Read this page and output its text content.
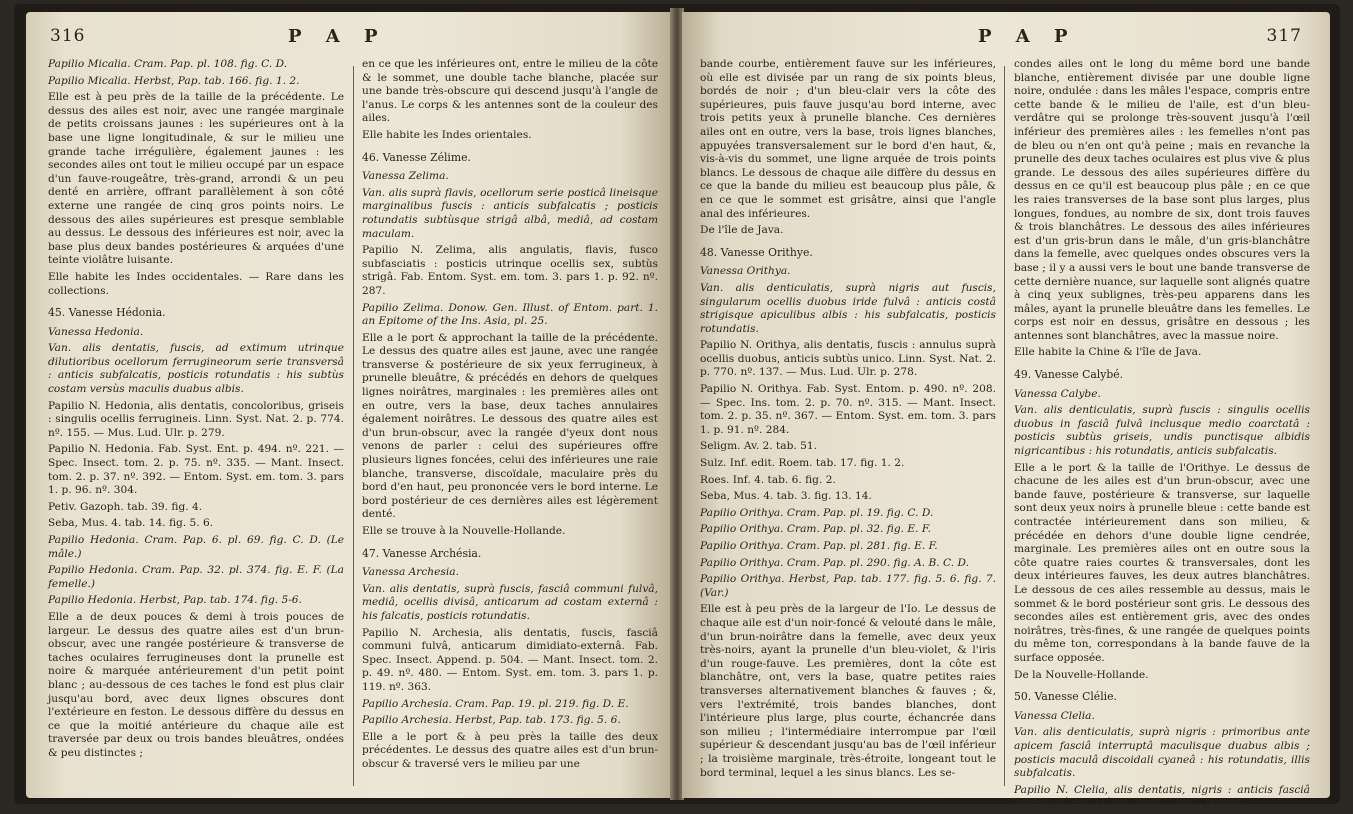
316	P A P

Papilio Micalia. Cram. Pap. pl. 108. fig. C. D.

Papilio Micalia. Herbst, Pap. tab. 166. fig. 1. 2.

Elle est à peu près de la taille de la précédente. Le dessus des ailes est noir, avec une rangée marginale de petits croissans jaunes : les supérieures ont à la base une ligne longitudinale, & sur le milieu une grande tache irrégulière, également jaunes : les secondes ailes ont tout le milieu occupé par un espace d'un fauve-rougeâtre, très-grand, arrondi & un peu denté en arrière, offrant parallèlement à son côté externe une rangée de cinq gros points noirs. Le dessous des ailes supérieures est presque semblable au dessus. Le dessous des inférieures est noir, avec la base plus deux bandes postérieures & arquées d'une teinte violâtre luisante.

Elle habite les Indes occidentales. — Rare dans les collections.

45. Vanesse Hédonia.

Vanessa Hedonia.

Van. alis dentatis, fuscis, ad extimum utrinque dilutioribus ocellorum ferrugineorum serie transversâ : anticis subfalcatis, posticis rotundatis : his subtùs costam versùs maculis duabus albis.

Papilio N. Hedonia, alis dentatis, concoloribus, griseis : singulis ocellis ferrugineis. Linn. Syst. Nat. 2. p. 774. nº. 155. — Mus. Lud. Ulr. p. 279.

Papilio N. Hedonia. Fab. Syst. Ent. p. 494. nº. 221. — Spec. Insect. tom. 2. p. 75. nº. 335. — Mant. Insect. tom. 2. p. 37. nº. 392. — Entom. Syst. em. tom. 3. pars 1. p. 96. nº. 304.

Petiv. Gazoph. tab. 39. fig. 4.

Seba, Mus. 4. tab. 14. fig. 5. 6.

Papilio Hedonia. Cram. Pap. 6. pl. 69. fig. C. D. (Le mâle.)

Papilio Hedonia. Cram. Pap. 32. pl. 374. fig. E. F. (La femelle.)

Papilio Hedonia. Herbst, Pap. tab. 174. fig. 5-6.

Elle a de deux pouces & demi à trois pouces de largeur. Le dessus des quatre ailes est d'un brun-obscur, avec une rangée postérieure & transverse de taches oculaires ferrugineuses dont la prunelle est noire & marquée antérieurement d'un petit point blanc ; au-dessous de ces taches le fond est plus clair jusqu'au bord, avec deux lignes obscures dont l'extérieure en feston. Le dessous diffère du dessus en ce que la moitié antérieure du chaque aile est traversée par deux ou trois bandes bleuâtres, ondées & peu distinctes ;

en ce que les inférieures ont, entre le milieu de la côte & le sommet, une double tache blanche, placée sur une bande très-obscure qui descend jusqu'à l'angle de l'anus. Le corps & les antennes sont de la couleur des ailes.

Elle habite les Indes orientales.

46. Vanesse Zélime.

Vanessa Zelima.

Van. alis suprà flavis, ocellorum serie posticâ lineisque marginalibus fuscis : anticis subfalcatis ; posticis rotundatis subtùsque strigâ albâ, mediâ, ad costam maculam.

Papilio N. Zelima, alis angulatis, flavis, fusco subfasciatis : posticis utrinque ocellis sex, subtùs strigâ. Fab. Entom. Syst. em. tom. 3. pars 1. p. 92. nº. 287.

Papilio Zelima. Donow. Gen. Illust. of Entom. part. 1. an Epitome of the Ins. Asia, pl. 25.

Elle a le port & approchant la taille de la précédente. Le dessus des quatre ailes est jaune, avec une rangée transverse & postérieure de six yeux ferrugineux, à prunelle bleuâtre, & précédés en dehors de quelques lignes noirâtres, marginales : les premières ailes ont en outre, vers la base, deux taches annulaires également noirâtres. Le dessous des quatre ailes est d'un brun-obscur, avec la rangée d'yeux dont nous venons de parler : celui des supérieures offre plusieurs lignes foncées, celui des inférieures une raie blanche, transverse, discoïdale, maculaire près du bord d'en haut, peu prononcée vers le bord interne. Le bord postérieur de ces dernières ailes est légèrement denté.

Elle se trouve à la Nouvelle-Hollande.

47. Vanesse Archésia.

Vanessa Archesia.

Van. alis dentatis, suprà fuscis, fasciâ communi fulvâ, mediâ, ocellis divisâ, anticarum ad costam externâ : his falcatis, posticis rotundatis.

Papilio N. Archesia, alis dentatis, fuscis, fasciâ communi fulvâ, anticarum dimidiato-externâ. Fab. Spec. Insect. Append. p. 504. — Mant. Insect. tom. 2. p. 49. nº. 480. — Entom. Syst. em. tom. 3. pars 1. p. 119. nº. 363.

Papilio Archesia. Cram. Pap. 19. pl. 219. fig. D. E.

Papilio Archesia. Herbst, Pap. tab. 173. fig. 5. 6.

Elle a le port & à peu près la taille des deux précédentes. Le dessus des quatre ailes est d'un brun-obscur & traversé vers le milieu par une

P A P	317

bande courbe, entièrement fauve sur les inférieures, où elle est divisée par un rang de six points bleus, bordés de noir ; d'un bleu-clair vers la côte des supérieures, puis fauve jusqu'au bord interne, avec trois petits yeux à prunelle blanche. Ces dernières ailes ont en outre, vers la base, trois lignes blanches, appuyées transversalement sur le bord d'en haut, &, vis-à-vis du sommet, une ligne arquée de trois points blancs. Le dessous de chaque aile diffère du dessus en ce que la bande du milieu est beaucoup plus pâle, & en ce que le sommet est grisâtre, ainsi que l'angle anal des inférieures.

De l'île de Java.

48. Vanesse Orithye.

Vanessa Orithya.

Van. alis denticulatis, suprà nigris aut fuscis, singularum ocellis duobus iride fulvâ : anticis costâ strigisque apiculibus albis : his subfalcatis, posticis rotundatis.

Papilio N. Orithya, alis dentatis, fuscis : annulus suprà ocellis duobus, anticis subtùs unico. Linn. Syst. Nat. 2. p. 770. nº. 137. — Mus. Lud. Ulr. p. 278.

Papilio N. Orithya. Fab. Syst. Entom. p. 490. nº. 208. — Spec. Ins. tom. 2. p. 70. nº. 315. — Mant. Insect. tom. 2. p. 35. nº. 367. — Entom. Syst. em. tom. 3. pars 1. p. 91. nº. 284.

Seligm. Av. 2. tab. 51.

Sulz. Inf. edit. Roem. tab. 17. fig. 1. 2.

Roes. Inf. 4. tab. 6. fig. 2.

Seba, Mus. 4. tab. 3. fig. 13. 14.

Papilio Orithya. Cram. Pap. pl. 19. fig. C. D.

Papilio Orithya. Cram. Pap. pl. 32. fig. E. F.

Papilio Orithya. Cram. Pap. pl. 281. fig. E. F.

Papilio Orithya. Cram. Pap. pl. 290. fig. A. B. C. D.

Papilio Orithya. Herbst, Pap. tab. 177. fig. 5. 6. fig. 7. (Var.)

Elle est à peu près de la largeur de l'Io. Le dessus de chaque aile est d'un noir-foncé & velouté dans le mâle, d'un brun-noirâtre dans la femelle, avec deux yeux très-noirs, ayant la prunelle d'un bleu-violet, & l'iris d'un rouge-fauve. Les premières, dont la côte est blanchâtre, ont, vers la base, quatre petites raies transverses alternativement blanches & fauves ; &, vers l'extrémité, trois bandes blanches, dont l'intérieure plus large, plus courte, échancrée dans son milieu ; l'intermédiaire interrompue par l'œil supérieur & descendant jusqu'au bas de l'œil inférieur ; la troisième marginale, très-étroite, longeant tout le bord terminal, lequel a les sinus blancs. Les se-

condes ailes ont le long du même bord une bande blanche, entièrement divisée par une double ligne noire, ondulée : dans les mâles l'espace, compris entre cette bande & le milieu de l'aile, est d'un bleu-verdâtre qui se prolonge très-souvent jusqu'à l'œil inférieur des premières ailes : les femelles n'ont pas de bleu ou n'en ont qu'à peine ; mais en revanche la prunelle des deux taches oculaires est plus vive & plus grande. Le dessous des ailes supérieures diffère du dessus en ce qu'il est beaucoup plus pâle ; en ce que les raies transverses de la base sont plus larges, plus longues, fondues, au nombre de six, dont trois fauves & trois blanchâtres. Le dessous des ailes inférieures est d'un gris-brun dans le mâle, d'un gris-blanchâtre dans la femelle, avec quelques ondes obscures vers la base ; il y a aussi vers le bout une bande transverse de cette dernière nuance, sur laquelle sont alignés quatre à cinq yeux sublignes, très-peu apparens dans les mâles, ayant la prunelle bleuâtre dans les femelles. Le corps est noir en dessus, grisâtre en dessous ; les antennes sont blanchâtres, avec la massue noire.

Elle habite la Chine & l'île de Java.

49. Vanesse Calybé.

Vanessa Calybe.

Van. alis denticulatis, suprà fuscis : singulis ocellis duobus in fasciâ fulvâ inclusque medio coarctatâ : posticis subtùs griseis, undis punctisque albidis nigricantibus : his rotundatis, anticis subfalcatis.

Elle a le port & la taille de l'Orithye. Le dessus de chacune de les ailes est d'un brun-obscur, avec une bande fauve, postérieure & transverse, sur laquelle sont deux yeux noirs à prunelle bleue : cette bande est contractée intérieurement dans son milieu, & précédée en dehors d'une double ligne cendrée, marginale. Les premières ailes ont en outre sous la côte quatre raies courtes & transversales, dont les deux intérieures fauves, les deux autres blanchâtres. Le dessous de ces ailes ressemble au dessus, mais le sommet & le bord postérieur sont gris. Le dessous des secondes ailes est entièrement gris, avec des ondes noirâtres, très-fines, & une rangée de quelques points du même ton, correspondans à la bande fauve de la surface opposée.

De la Nouvelle-Hollande.

50. Vanesse Clélie.

Vanessa Clelia.

Van. alis denticulatis, suprà nigris : primoribus ante apicem fasciâ interruptâ maculisque duabus albis ; posticis maculâ discoidali cyaneâ : his rotundatis, illis subfalcatis.

Papilio N. Clelia, alis dentatis, nigris : anticis fasciâ interruptâ maculâque apicis albis ; posticis
